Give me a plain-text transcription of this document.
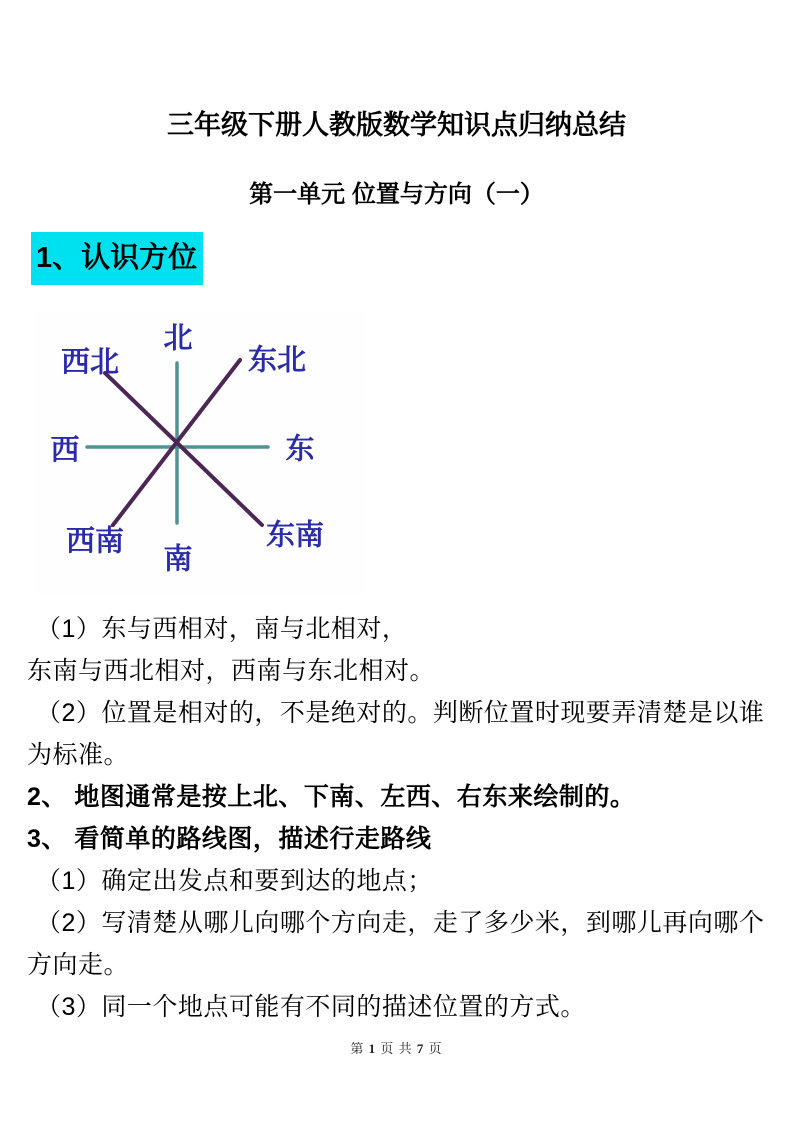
三年级下册人教版数学知识点归纳总结
第一单元 位置与方向（一）
1、认识方位
北
西北	东北
西	东
西南
南
东南
（1）东与西相对，南与北相对，
东南与西北相对，西南与东北相对。
（2）位置是相对的，不是绝对的。判断位置时现要弄清楚是以谁
为标准。
2、 地图通常是按上北、下南、左西、右东来绘制的。
3、 看简单的路线图，描述行走路线
（1）确定出发点和要到达的地点；
（2）写清楚从哪儿向哪个方向走，走了多少米，到哪儿再向哪个
方向走。
（3）同一个地点可能有不同的描述位置的方式。
第 1 页 共 7 页
